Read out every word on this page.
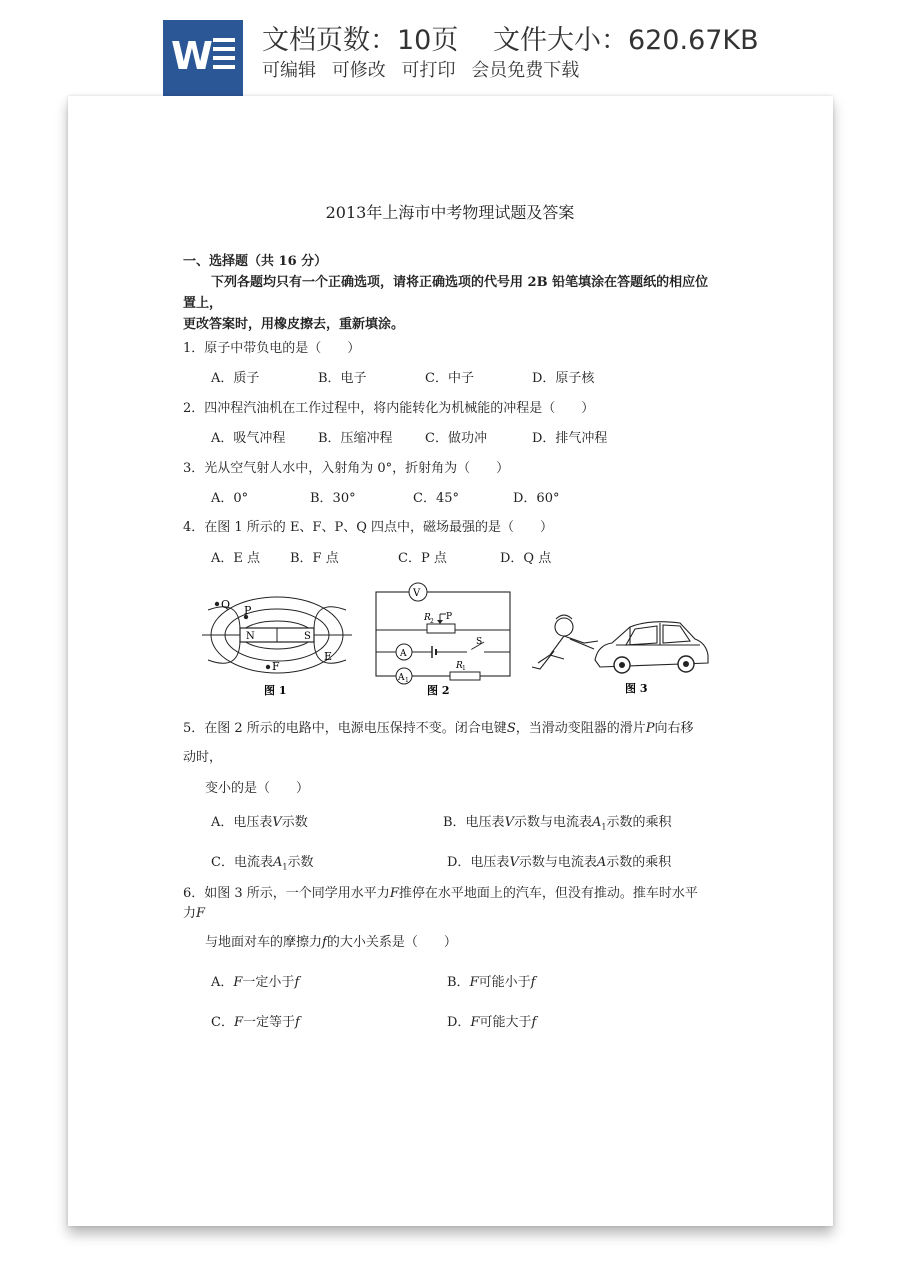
W 文档页数：10页 文件大小：620.67KB
可编辑 可修改 可打印 会员免费下载
2013年上海市中考物理试题及答案
一、选择题（共 16 分）
下列各题均只有一个正确选项，请将正确选项的代号用 2B 铅笔填涂在答题纸的相应位
置上，
更改答案时，用橡皮擦去，重新填涂。
1．原子中带负电的是（　　）
A．质子	B．电子	C．中子	D．原子核
2．四冲程汽油机在工作过程中，将内能转化为机械能的冲程是（　　）
A．吸气冲程	B．压缩冲程 C．做功冲	D．排气冲程
3．光从空气射人水中，入射角为 0°，折射角为（　　）
A．0°	B．30°	C．45°	D．60°
4．在图 1 所示的 E、F、P、Q 四点中，磁场最强的是（　　）
A．E 点 B．F 点	C．P 点	D．Q 点
Q P
N	S
E
F
图 1
V
R 2 P
S
A
A 1
R 1
图 2	图 3
5．在图 2 所示的电路中，电源电压保持不变。闭合电键S，当滑动变阻器的滑片P向右移
动时，
变小的是（　　）
A．电压表V示数	B．电压表V示数与电流表$A_1$示数的乘积
C．电流表$A_1$示数	D．电压表V示数与电流表A示数的乘积
6．如图 3 所示，一个同学用水平力F推停在水平地面上的汽车，但没有推动。推车时水平
力F
与地面对车的摩擦力f的大小关系是（　　）
A．F一定小于f	B．F可能小于f
C．F一定等于f	D．F可能大于f
